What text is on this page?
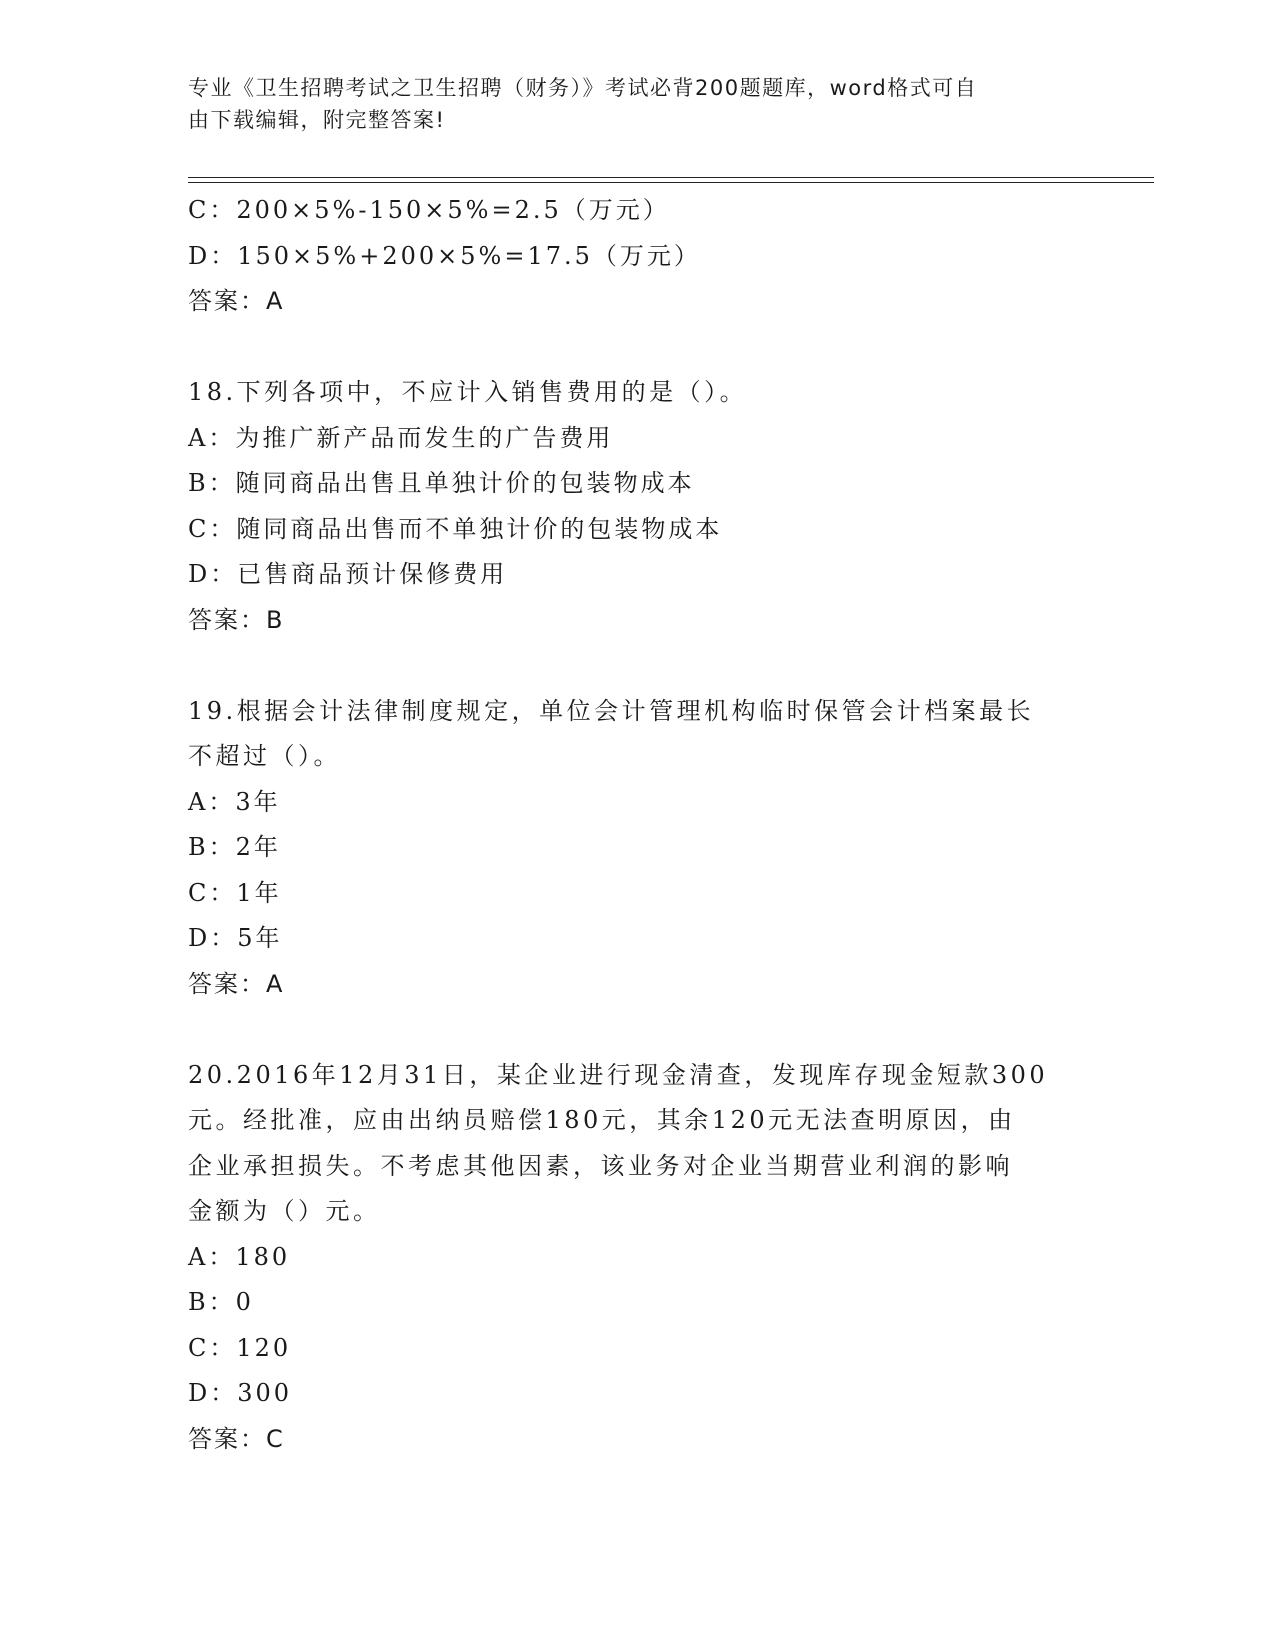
专业《卫生招聘考试之卫生招聘（财务）》考试必背200题题库，word格式可自
由下载编辑，附完整答案!
C：200×5%-150×5%=2.5（万元）
D：150×5%+200×5%=17.5（万元）
答案：A
18.下列各项中，不应计入销售费用的是（）。
A：为推广新产品而发生的广告费用
B：随同商品出售且单独计价的包装物成本
C：随同商品出售而不单独计价的包装物成本
D：已售商品预计保修费用
答案：B
19.根据会计法律制度规定，单位会计管理机构临时保管会计档案最长
不超过（）。
A：3年
B：2年
C：1年
D：5年
答案：A
20.2016年12月31日，某企业进行现金清查，发现库存现金短款300
元。经批准，应由出纳员赔偿180元，其余120元无法查明原因，由
企业承担损失。不考虑其他因素，该业务对企业当期营业利润的影响
金额为（）元。
A：180
B：0
C：120
D：300
答案：C
